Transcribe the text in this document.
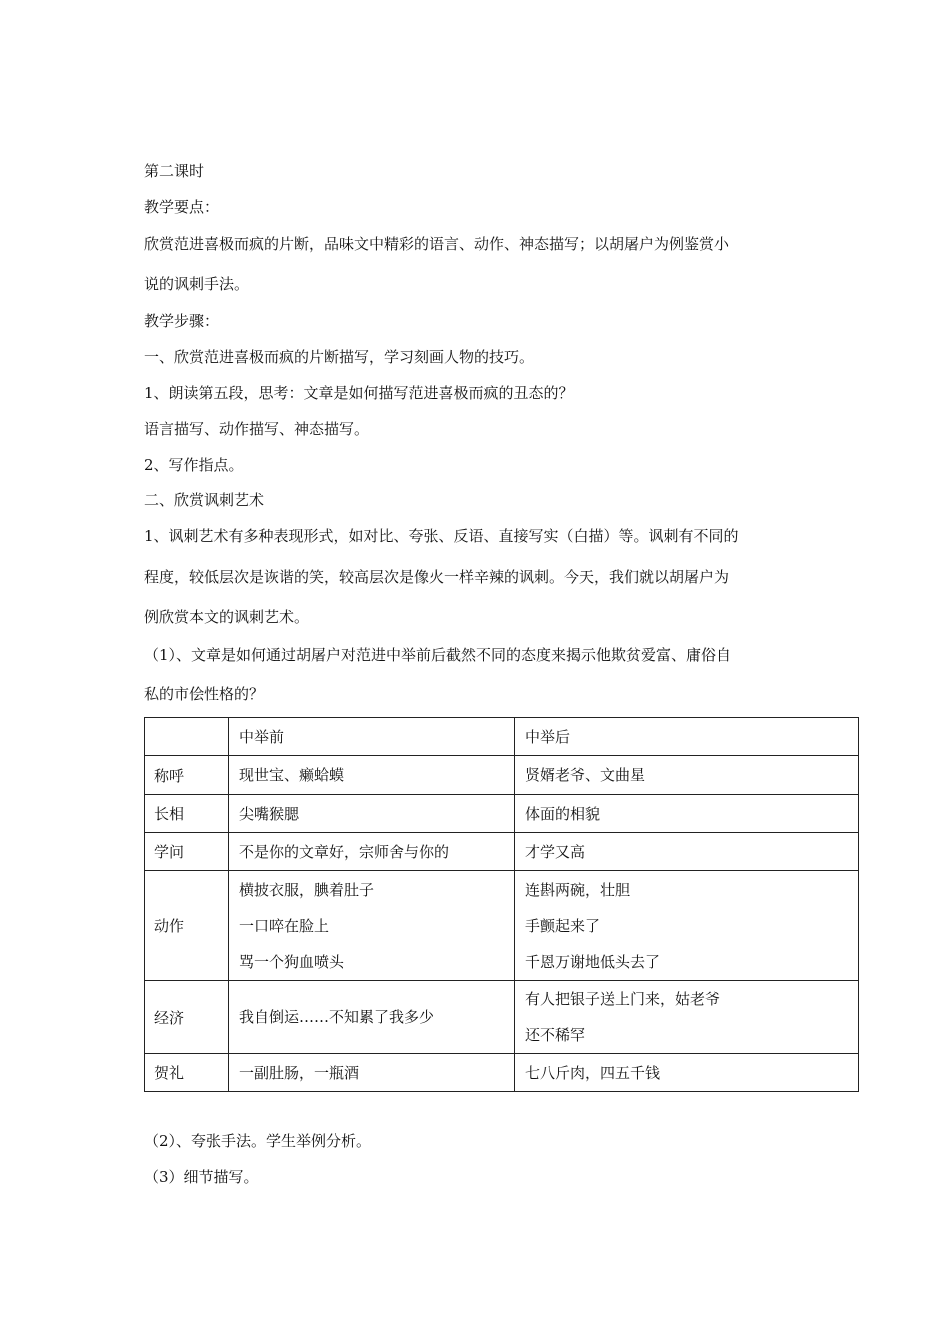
第二课时

教学要点：

欣赏范进喜极而疯的片断，品味文中精彩的语言、动作、神态描写；以胡屠户为例鉴赏小

说的讽刺手法。

教学步骤：

一、欣赏范进喜极而疯的片断描写，学习刻画人物的技巧。

1、朗读第五段，思考：文章是如何描写范进喜极而疯的丑态的？

语言描写、动作描写、神态描写。

2、写作指点。

二、欣赏讽刺艺术

1、讽刺艺术有多种表现形式，如对比、夸张、反语、直接写实（白描）等。讽刺有不同的

程度，较低层次是诙谐的笑，较高层次是像火一样辛辣的讽刺。今天，我们就以胡屠户为

例欣赏本文的讽刺艺术。

（1）、文章是如何通过胡屠户对范进中举前后截然不同的态度来揭示他欺贫爱富、庸俗自

私的市侩性格的？

	中举前	中举后

称呼	现世宝、癞蛤蟆	贤婿老爷、文曲星

长相	尖嘴猴腮	体面的相貌

学问	不是你的文章好，宗师舍与你的	才学又高

动作	横披衣服，腆着肚子
一口啐在脸上
骂一个狗血喷头	连斟两碗，壮胆
手颤起来了
千恩万谢地低头去了

经济	我自倒运……不知累了我多少	有人把银子送上门来，姑老爷
还不稀罕

贺礼	一副肚肠，一瓶酒	七八斤肉，四五千钱

（2）、夸张手法。学生举例分析。

（3）细节描写。
